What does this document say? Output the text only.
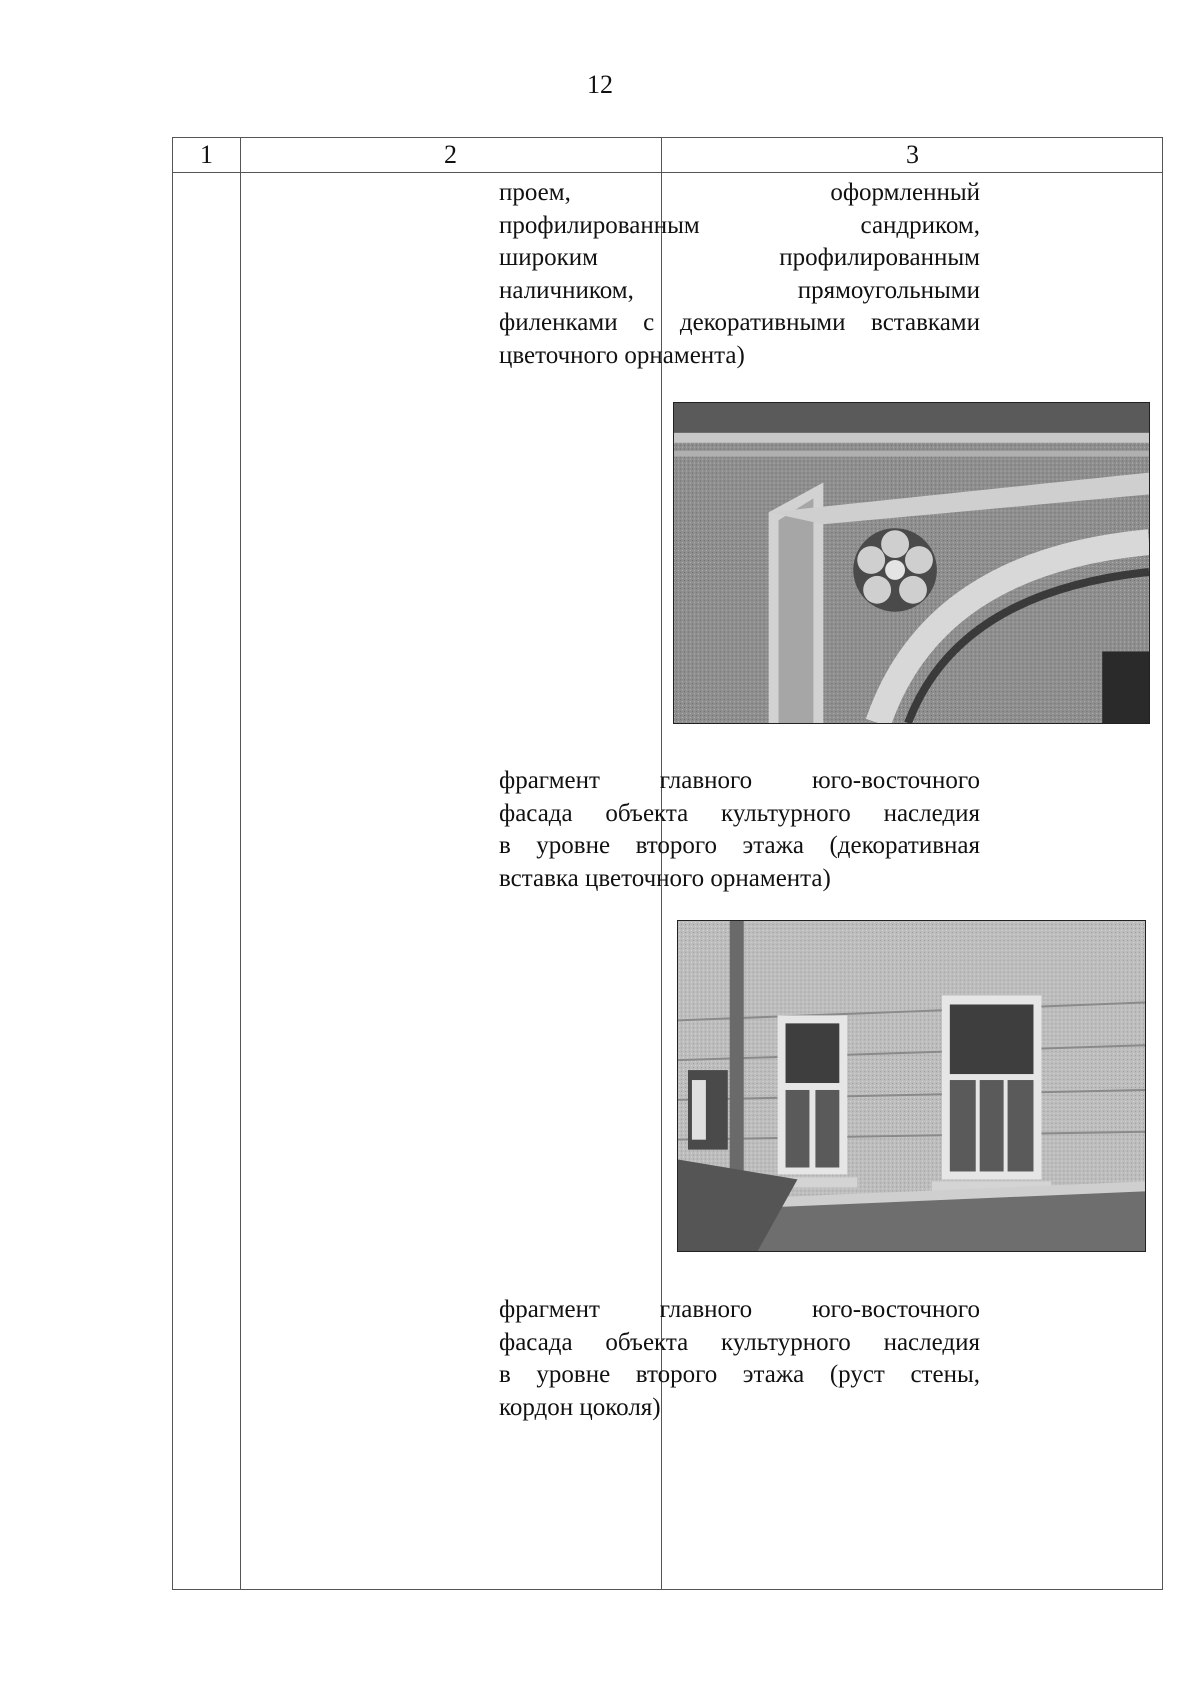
12
1	2	3

проем, оформленный
профилированным сандриком,
широким профилированным
наличником, прямоугольными
филенками с декоративными вставками
цветочного орнамента)

фрагмент главного юго-восточного
фасада объекта культурного наследия
в уровне второго этажа (декоративная
вставка цветочного орнамента)

фрагмент главного юго-восточного
фасада объекта культурного наследия
в уровне второго этажа (руст стены,
кордон цоколя)
